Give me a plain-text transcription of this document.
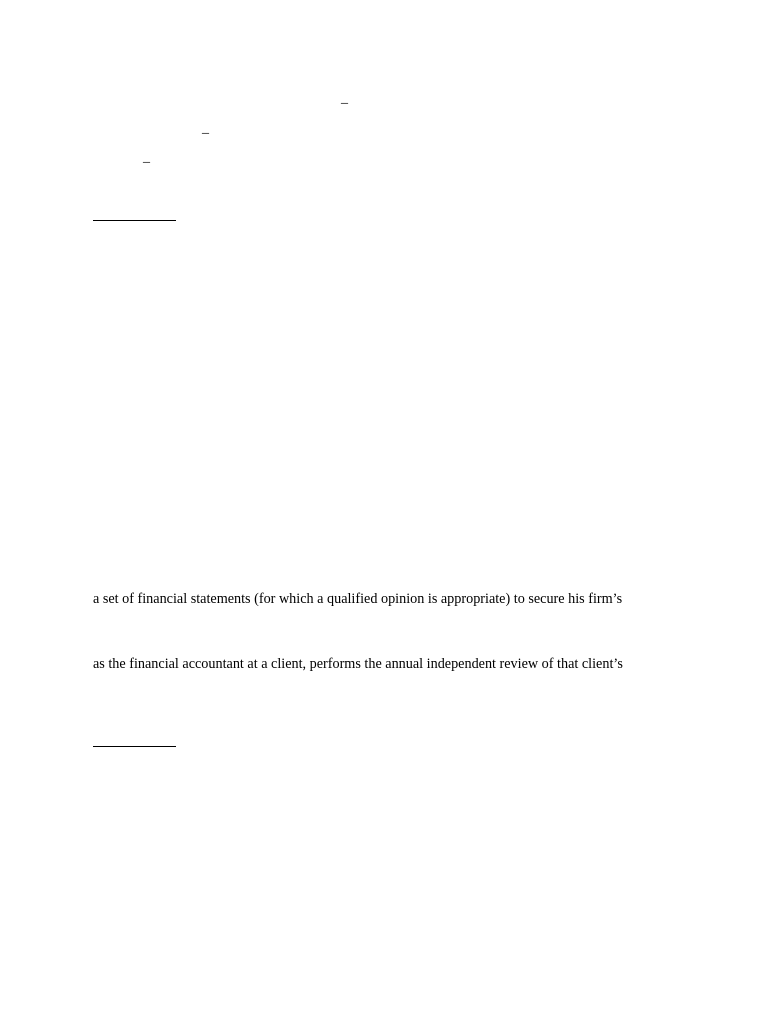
_
_
_
a set of financial statements (for which a qualified opinion is appropriate) to secure his firm’s
as the financial accountant at a client, performs the annual independent review of that client’s
